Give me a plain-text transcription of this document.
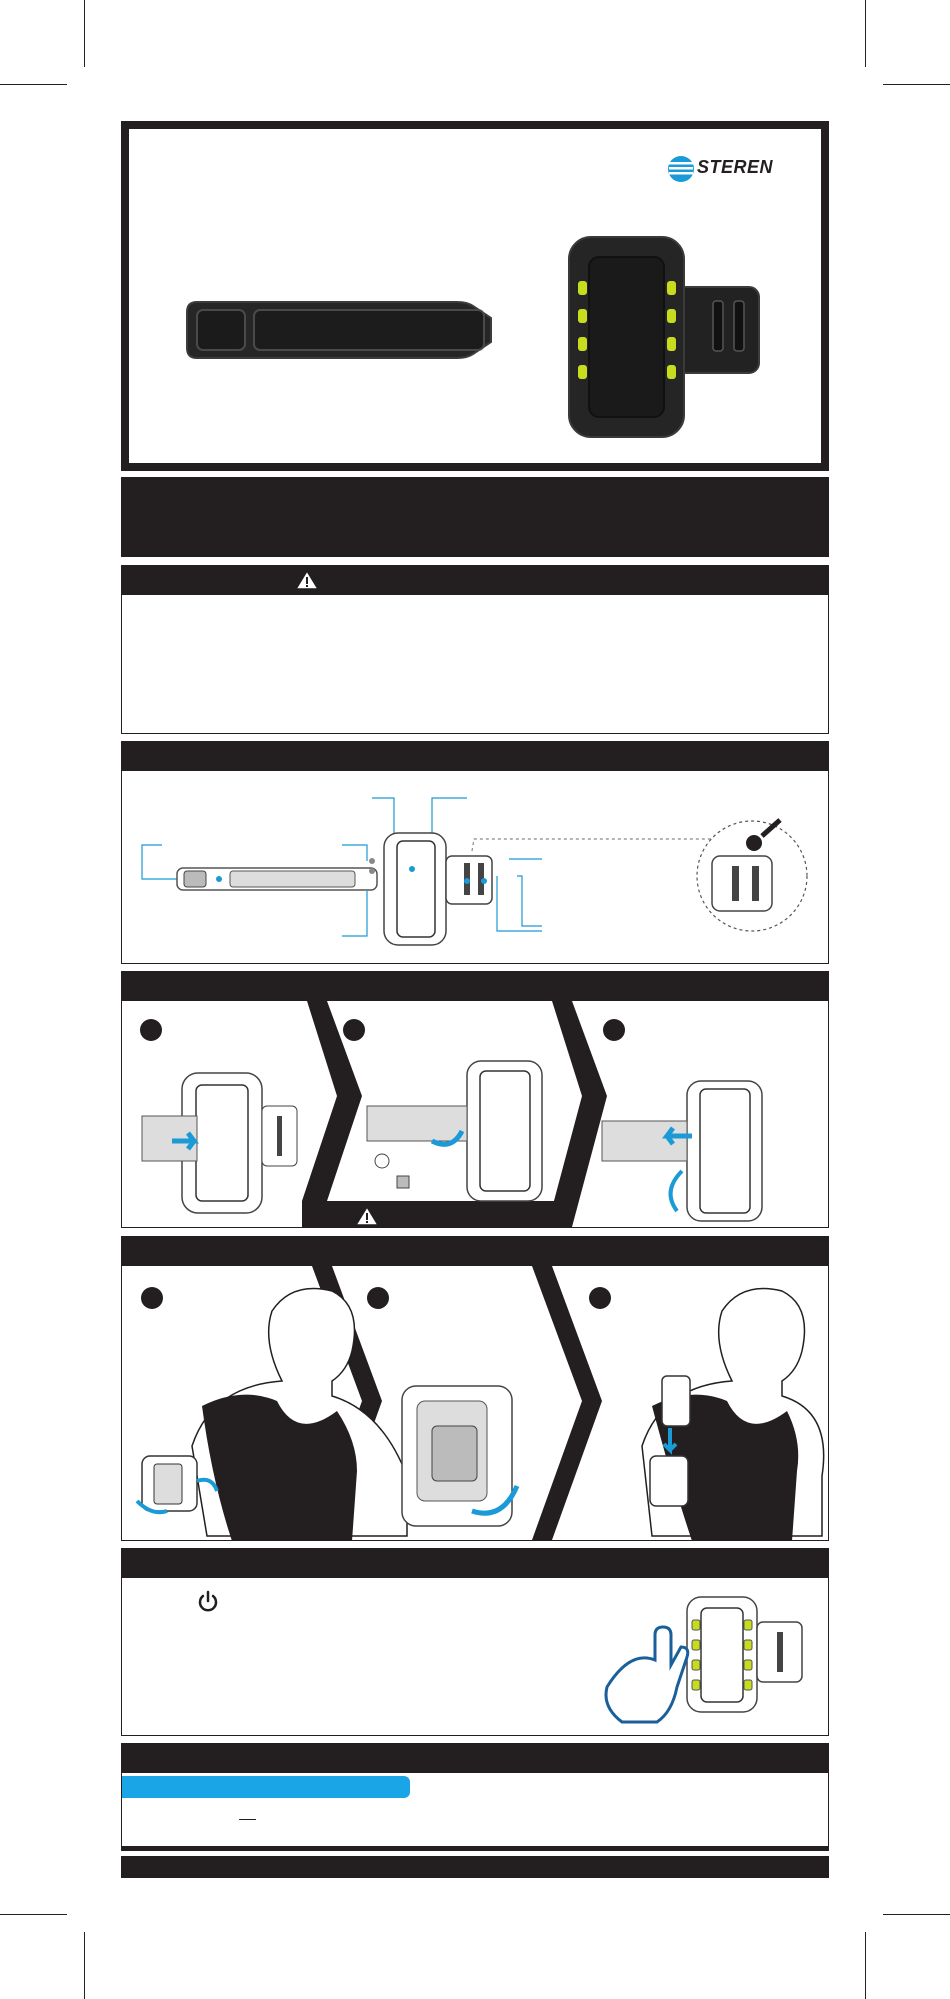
STEREN
